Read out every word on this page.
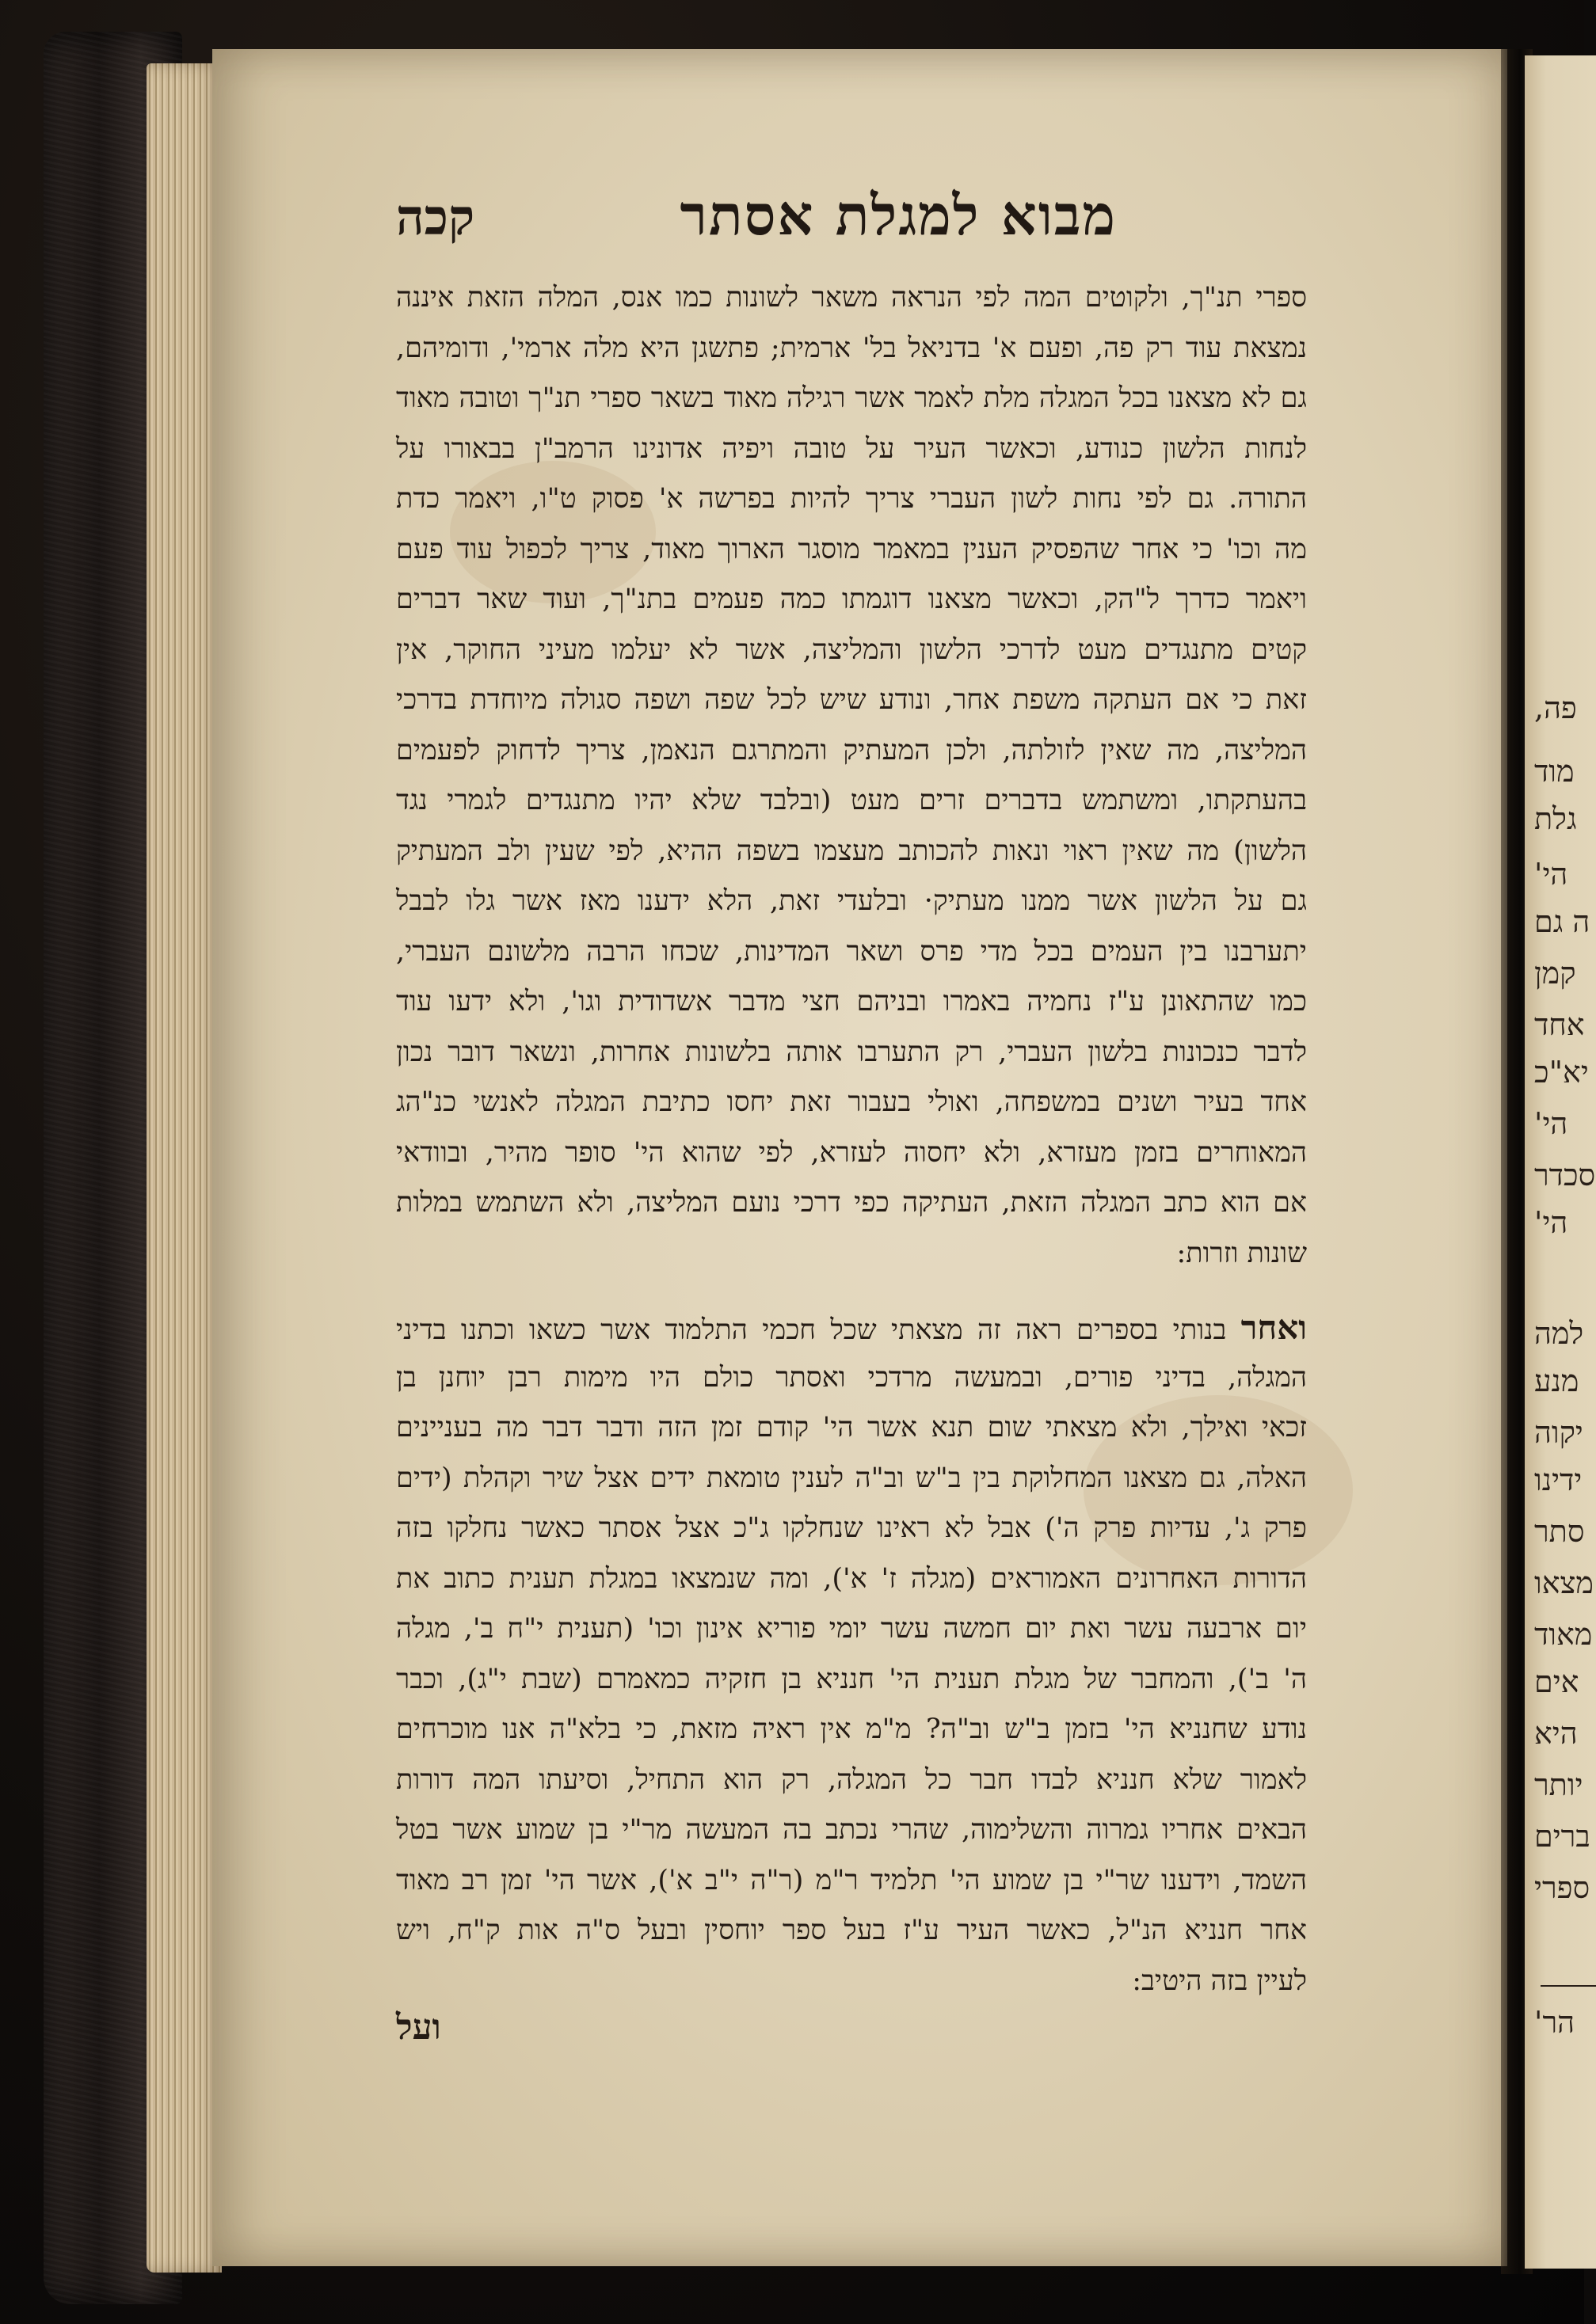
פה,
מוד
גלת
הי'
ה גם
קמן
אחד
יא"כ
הי'
סכדר
הי'
למה
מנע
יקוה
ידינו
סתר
מצאו
מאוד
אים
היא
יותר
ברים
ספרי
הר'
מבוא למגלת אסתר
קכה
ספרי תנ"ך, ולקוטים המה לפי הנראה משאר לשונות כמו אנס, המלה הזאת איננה
נמצאת עוד רק פה, ופעם א' בדניאל בל' ארמית; פתשגן היא מלה ארמי', ודומיהם,
גם לא מצאנו בכל המגלה מלת לאמר אשר רגילה מאוד בשאר ספרי תנ"ך וטובה מאוד
לנחות הלשון כנודע, וכאשר העיר על טובה ויפיה אדונינו הרמב"ן בבאורו על
התורה. גם לפי נחות לשון העברי צריך להיות בפרשה א' פסוק ט"ו, ויאמר כדת
מה וכו' כי אחר שהפסיק הענין במאמר מוסגר הארוך מאוד, צריך לכפול עוד פעם
ויאמר כדרך ל"הק, וכאשר מצאנו דוגמתו כמה פעמים בתנ"ך, ועוד שאר דברים
קטים מתנגדים מעט לדרכי הלשון והמליצה, אשר לא יעלמו מעיני החוקר, אין
זאת כי אם העתקה משפת אחר, ונודע שיש לכל שפה ושפה סגולה מיוחדת בדרכי
המליצה, מה שאין לזולתה, ולכן המעתיק והמתרגם הנאמן, צריך לדחוק לפעמים
בהעתקתו, ומשתמש בדברים זרים מעט (ובלבד שלא יהיו מתנגדים לגמרי נגד
הלשון) מה שאין ראוי ונאות להכותב מעצמו בשפה ההיא, לפי שעין ולב המעתיק
גם על הלשון אשר ממנו מעתיק· ובלעדי זאת, הלא ידענו מאז אשר גלו לבבל
יתערבנו בין העמים בכל מדי פרס ושאר המדינות, שכחו הרבה מלשונם העברי,
כמו שהתאונן ע"ז נחמיה באמרו ובניהם חצי מדבר אשדודית וגו', ולא ידעו עוד
לדבר כנכונות בלשון העברי, רק התערבו אותה בלשונות אחרות, ונשאר דובר נכון
אחד בעיר ושנים במשפחה, ואולי בעבור זאת יחסו כתיבת המגלה לאנשי כנ"הג
המאוחרים בזמן מעזרא, ולא יחסוה לעזרא, לפי שהוא הי' סופר מהיר, ובוודאי
אם הוא כתב המגלה הזאת, העתיקה כפי דרכי נועם המליצה, ולא השתמש במלות
שונות וזרות:
ואחר בנותי בספרים ראה זה מצאתי שכל חכמי התלמוד אשר כשאו וכתנו בדיני
המגלה, בדיני פורים, ובמעשה מרדכי ואסתר כולם היו מימות רבן יוחנן בן
זכאי ואילך, ולא מצאתי שום תנא אשר הי' קודם זמן הזה ודבר דבר מה בעניינים
האלה, גם מצאנו המחלוקת בין ב"ש וב"ה לענין טומאת ידים אצל שיר וקהלת (ידים
פרק ג', עדיות פרק ה') אבל לא ראינו שנחלקו ג"כ אצל אסתר כאשר נחלקו בזה
הדורות האחרונים האמוראים (מגלה ז' א'), ומה שנמצאו במגלת תענית כתוב את
יום ארבעה עשר ואת יום חמשה עשר יומי פוריא אינון וכו' (תענית י"ח ב', מגלה
ה' ב'), והמחבר של מגלת תענית הי' חנניא בן חזקיה כמאמרם (שבת י"ג), וכבר
נודע שחנניא הי' בזמן ב"ש וב"ה? מ"מ אין ראיה מזאת, כי בלא"ה אנו מוכרחים
לאמור שלא חנניא לבדו חבר כל המגלה, רק הוא התחיל, וסיעתו המה דורות
הבאים אחריו גמרוה והשלימוה, שהרי נכתב בה המעשה מר"י בן שמוע אשר בטל
השמד, וידענו שר"י בן שמוע הי' תלמיד ר"מ (ר"ה י"ב א'), אשר הי' זמן רב מאוד
אחר חנניא הנ"ל, כאשר העיר ע"ז בעל ספר יוחסין ובעל ס"ה אות ק"ח, ויש
לעיין בזה היטיב:
ועל
